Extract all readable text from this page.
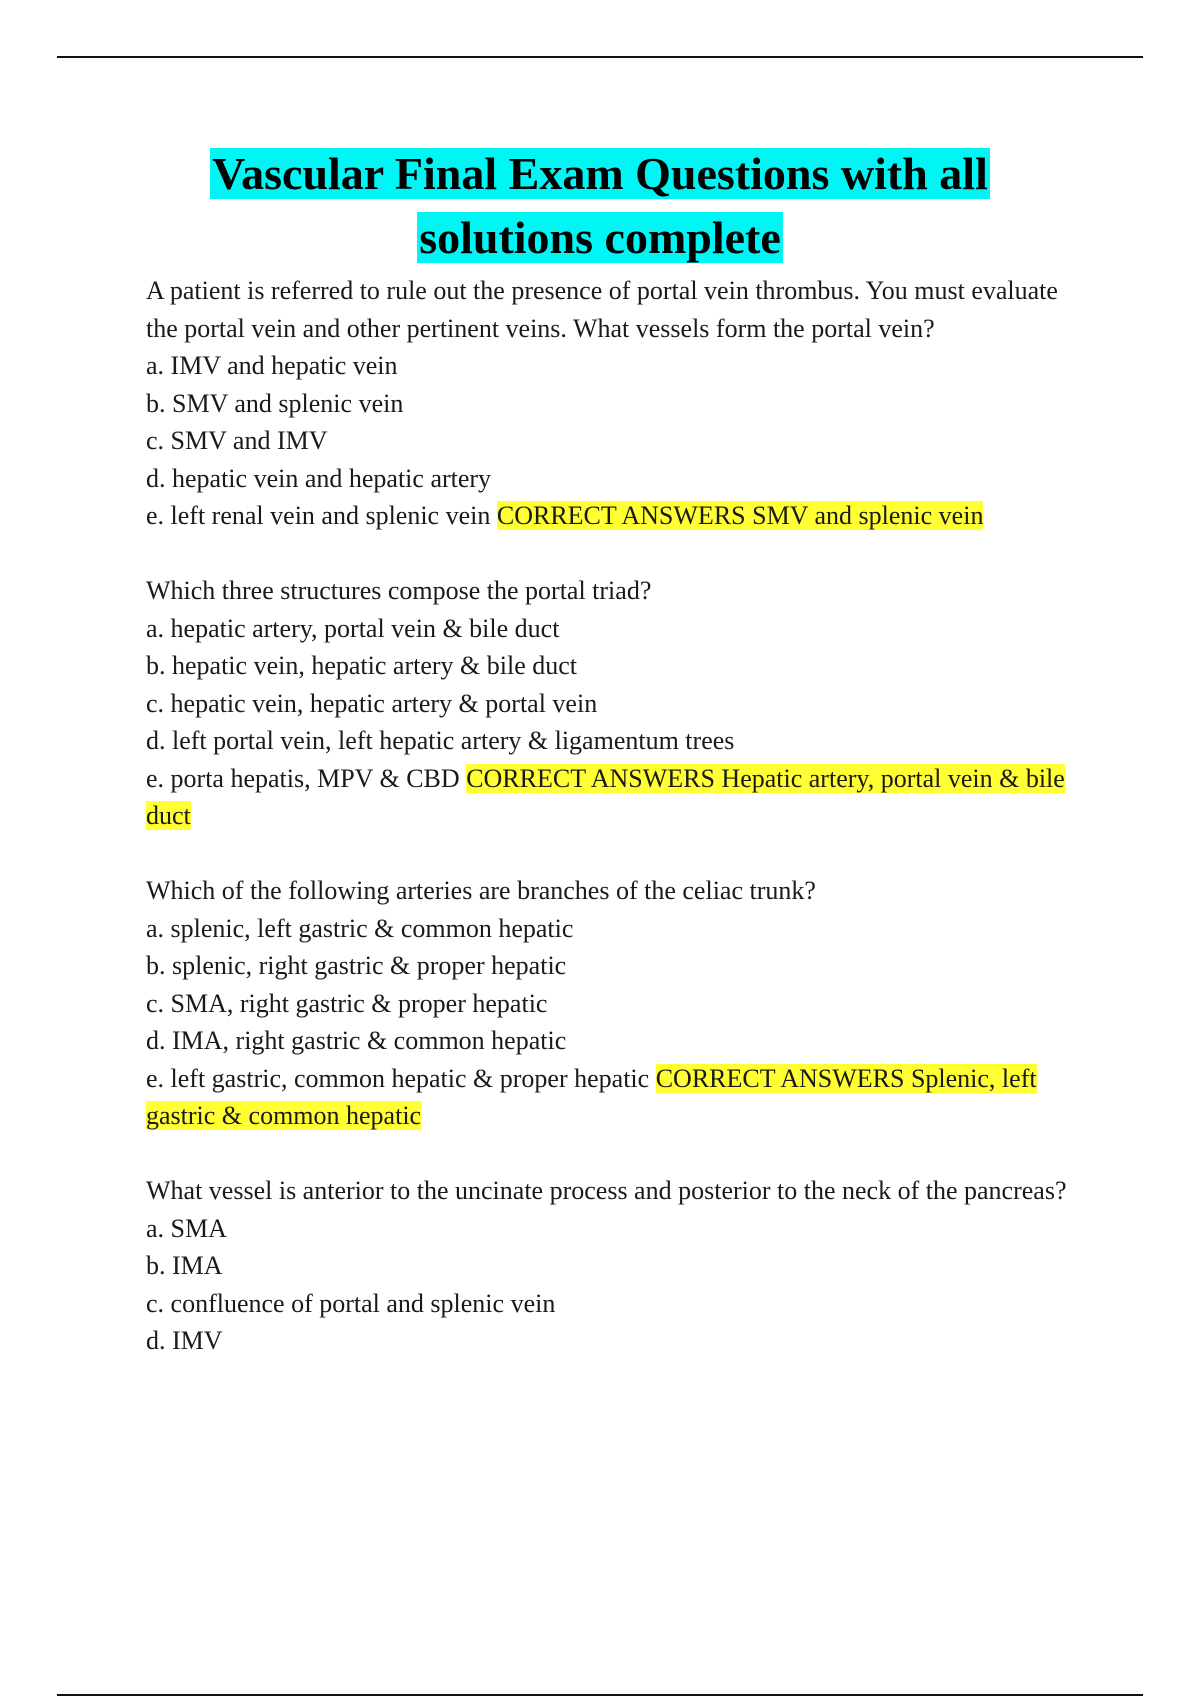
Vascular Final Exam Questions with all
solutions complete
A patient is referred to rule out the presence of portal vein thrombus. You must evaluate the portal vein and other pertinent veins. What vessels form the portal vein?
a. IMV and hepatic vein
b. SMV and splenic vein
c. SMV and IMV
d. hepatic vein and hepatic artery
e. left renal vein and splenic vein CORRECT ANSWERS SMV and splenic vein
Which three structures compose the portal triad?
a. hepatic artery, portal vein & bile duct
b. hepatic vein, hepatic artery & bile duct
c. hepatic vein, hepatic artery & portal vein
d. left portal vein, left hepatic artery & ligamentum trees
e. porta hepatis, MPV & CBD CORRECT ANSWERS Hepatic artery, portal vein & bile duct
Which of the following arteries are branches of the celiac trunk?
a. splenic, left gastric & common hepatic
b. splenic, right gastric & proper hepatic
c. SMA, right gastric & proper hepatic
d. IMA, right gastric & common hepatic
e. left gastric, common hepatic & proper hepatic CORRECT ANSWERS Splenic, left gastric & common hepatic
What vessel is anterior to the uncinate process and posterior to the neck of the pancreas?
a. SMA
b. IMA
c. confluence of portal and splenic vein
d. IMV
